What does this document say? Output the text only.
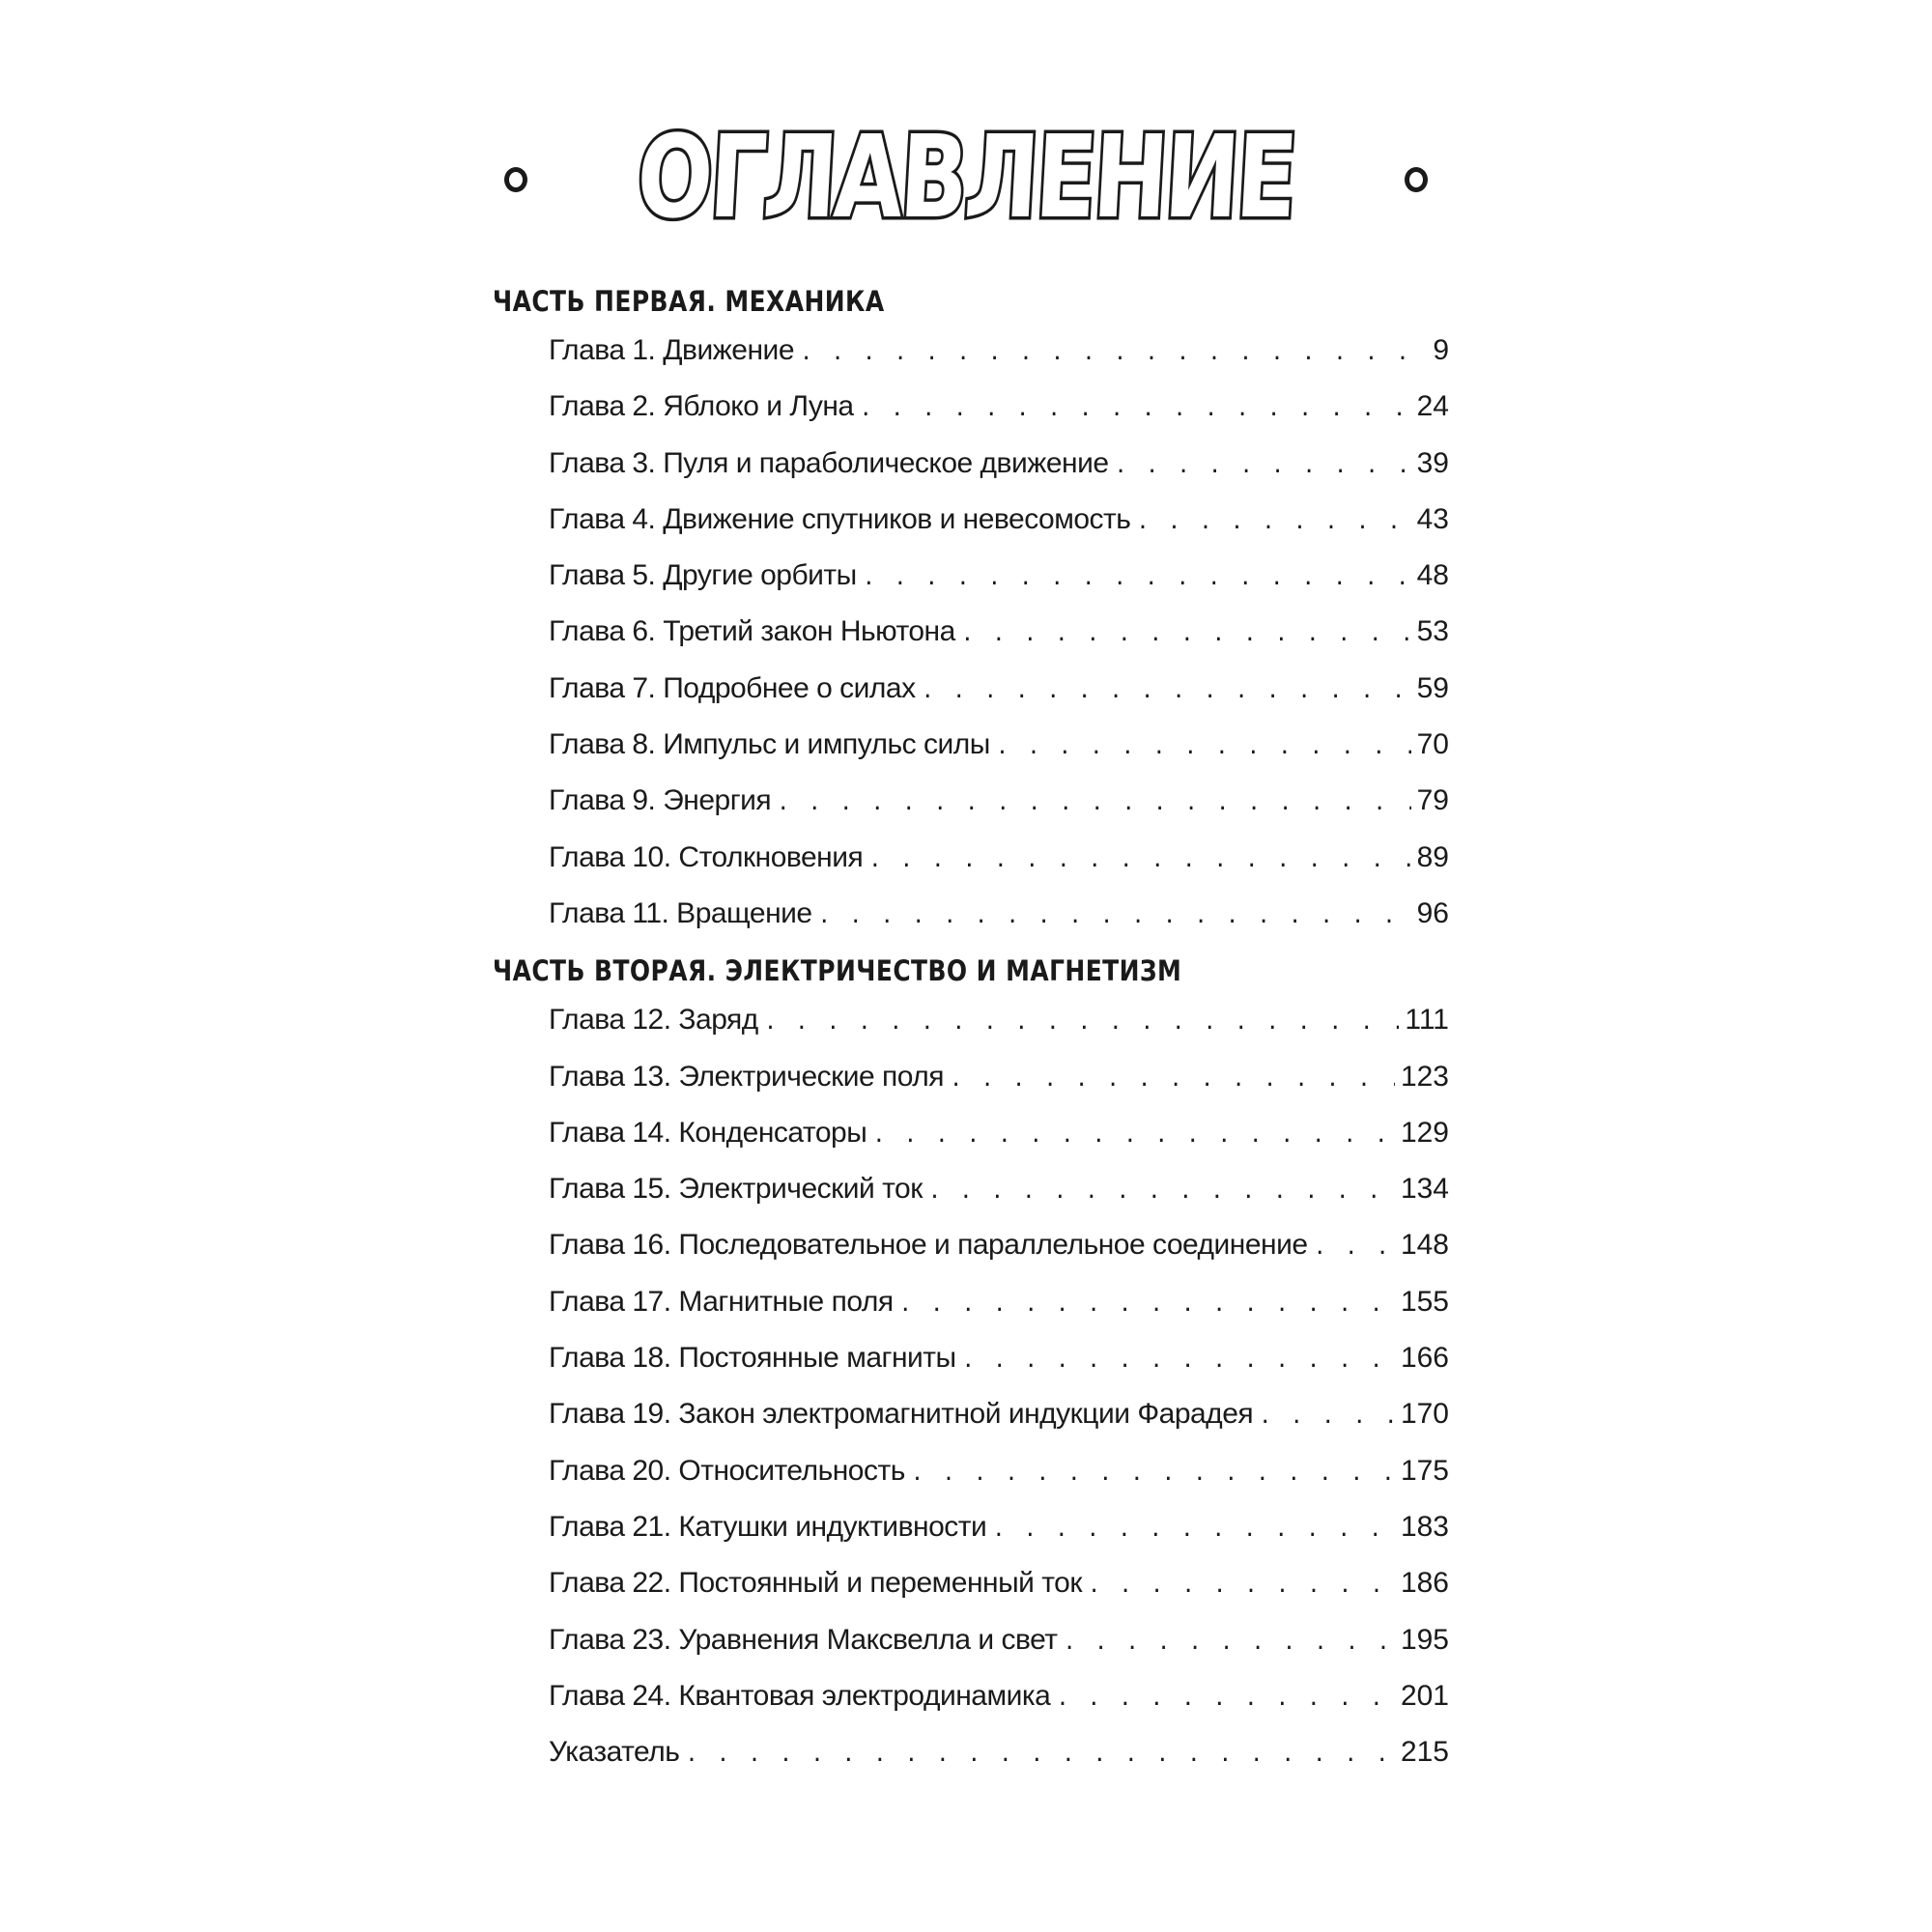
ОГЛАВЛЕНИЕ
ЧАСТЬ ПЕРВАЯ. МЕХАНИКА
Глава 1. Движение . . .	9
Глава 2. Яблоко и Луна . . .	24
Глава 3. Пуля и параболическое движение . . .	39
Глава 4. Движение спутников и невесомость . . .	43
Глава 5. Другие орбиты . . .	48
Глава 6. Третий закон Ньютона . . .	53
Глава 7. Подробнее о силах . . .	59
Глава 8. Импульс и импульс силы . . .	70
Глава 9. Энергия . . .	79
Глава 10. Столкновения . . .	89
Глава 11. Вращение . . .	96
ЧАСТЬ ВТОРАЯ. ЭЛЕКТРИЧЕСТВО И МАГНЕТИЗМ
Глава 12. Заряд . . .	111
Глава 13. Электрические поля . . .	123
Глава 14. Конденсаторы . . .	129
Глава 15. Электрический ток . . .	134
Глава 16. Последовательное и параллельное соединение . . .	148
Глава 17. Магнитные поля . . .	155
Глава 18. Постоянные магниты . . .	166
Глава 19. Закон электромагнитной индукции Фарадея . . .	170
Глава 20. Относительность . . .	175
Глава 21. Катушки индуктивности . . .	183
Глава 22. Постоянный и переменный ток . . .	186
Глава 23. Уравнения Максвелла и свет . . .	195
Глава 24. Квантовая электродинамика . . .	201
Указатель . . .	215
